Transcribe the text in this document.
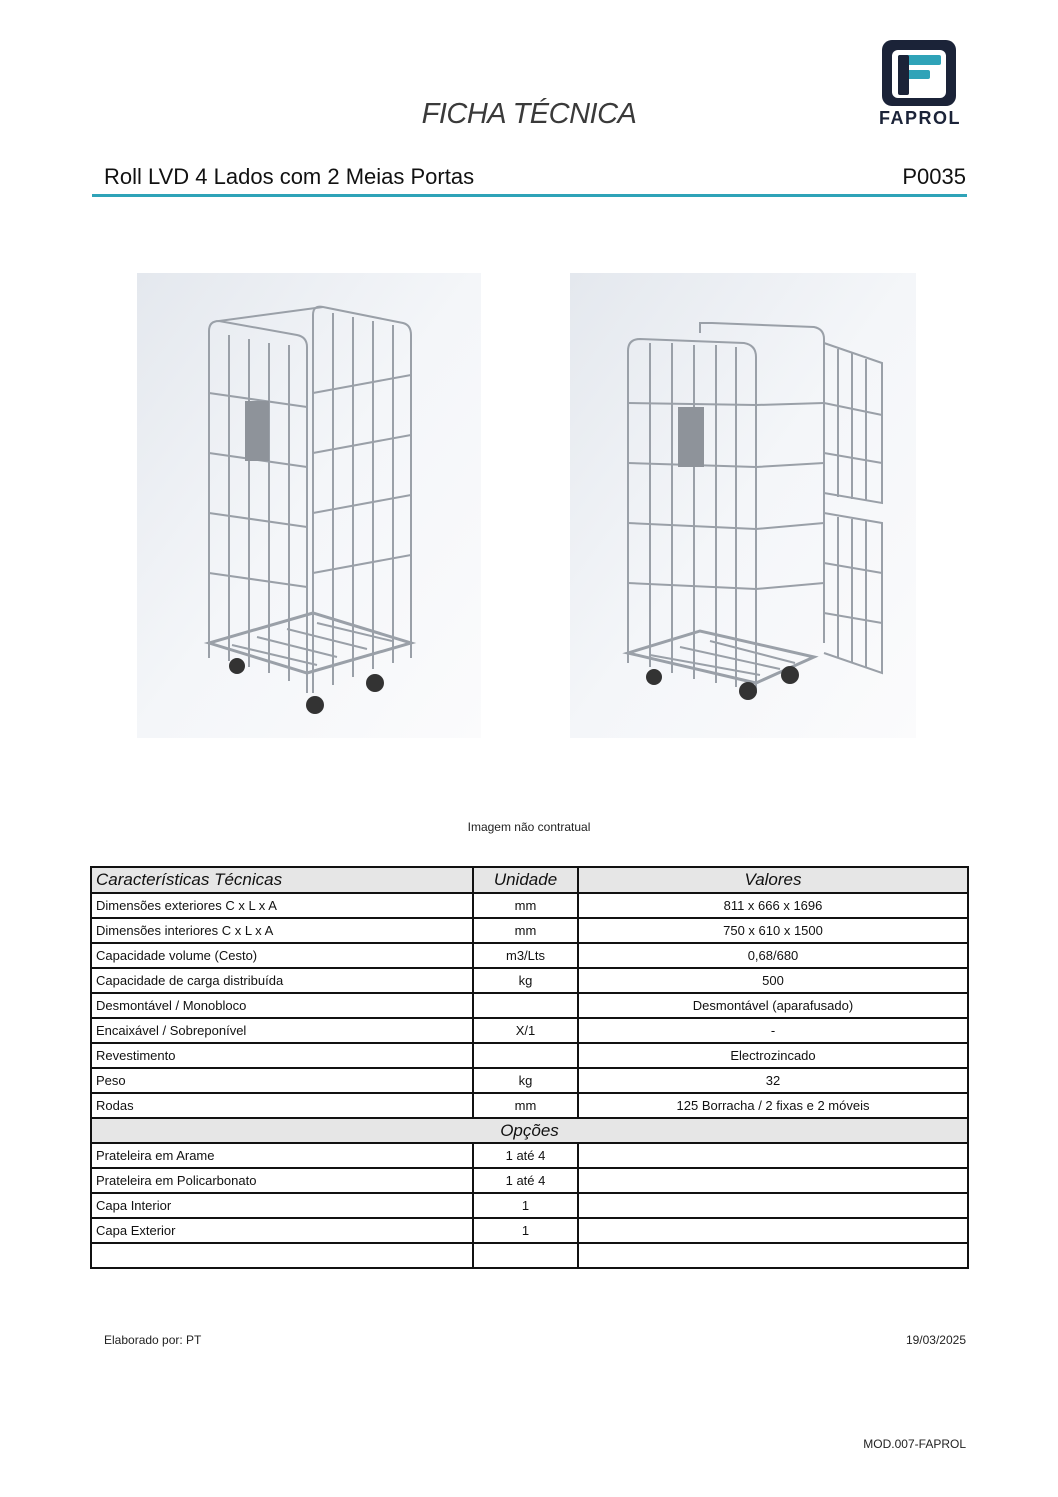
FICHA TÉCNICA	FAPROL
Roll LVD 4 Lados com 2 Meias Portas	P0035
Imagem não contratual
Características Técnicas	Unidade	Valores
Dimensões exteriores C x L x A	mm	811 x 666 x 1696
Dimensões interiores C x L x A	mm	750 x 610 x 1500
Capacidade volume (Cesto)	m3/Lts	0,68/680
Capacidade de carga distribuída	kg	500
Desmontável / Monobloco		Desmontável (aparafusado)
Encaixável / Sobreponível	X/1	-
Revestimento		Electrozincado
Peso	kg	32
Rodas	mm	125 Borracha / 2 fixas e 2 móveis
Opções		
Prateleira em Arame	1 até 4	
Prateleira em Policarbonato	1 até 4	
Capa Interior	1	
Capa Exterior	1	

Elaborado por: PT	19/03/2025
MOD.007-FAPROL
